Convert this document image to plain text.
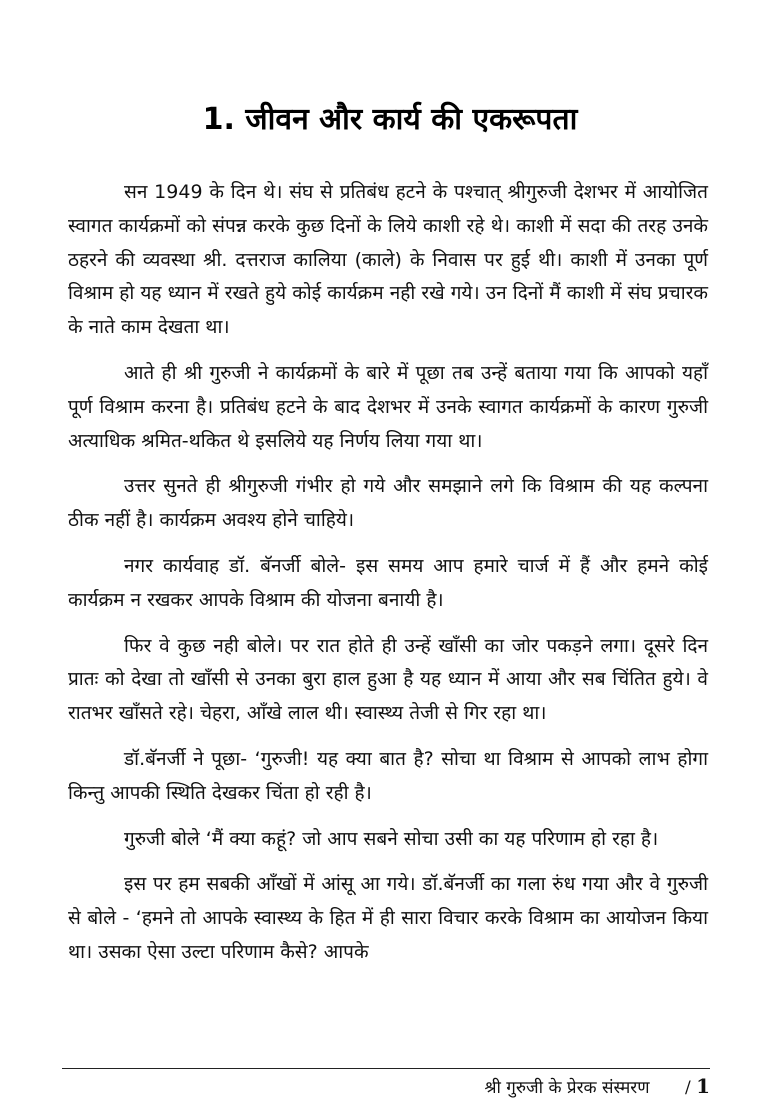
1. जीवन और कार्य की एकरूपता

सन 1949 के दिन थे। संघ से प्रतिबंध हटने के पश्चात् श्रीगुरुजी देशभर में आयोजित स्वागत कार्यक्रमों को संपन्न करके कुछ दिनों के लिये काशी रहे थे। काशी में सदा की तरह उनके ठहरने की व्यवस्था श्री. दत्तराज कालिया (काले) के निवास पर हुई थी। काशी में उनका पूर्ण विश्राम हो यह ध्यान में रखते हुये कोई कार्यक्रम नही रखे गये। उन दिनों मैं काशी में संघ प्रचारक के नाते काम देखता था।

आते ही श्री गुरुजी ने कार्यक्रमों के बारे में पूछा तब उन्हें बताया गया कि आपको यहाँ पूर्ण विश्राम करना है। प्रतिबंध हटने के बाद देशभर में उनके स्वागत कार्यक्रमों के कारण गुरुजी अत्याधिक श्रमित-थकित थे इसलिये यह निर्णय लिया गया था।

उत्तर सुनते ही श्रीगुरुजी गंभीर हो गये और समझाने लगे कि विश्राम की यह कल्पना ठीक नहीं है। कार्यक्रम अवश्य होने चाहिये।

नगर कार्यवाह डॉ. बॅनर्जी बोले- इस समय आप हमारे चार्ज में हैं और हमने कोई कार्यक्रम न रखकर आपके विश्राम की योजना बनायी है।

फिर वे कुछ नही बोले। पर रात होते ही उन्हें खाँसी का जोर पकड़ने लगा। दूसरे दिन प्रातः को देखा तो खाँसी से उनका बुरा हाल हुआ है यह ध्यान में आया और सब चिंतित हुये। वे रातभर खाँसते रहे। चेहरा, आँखे लाल थी। स्वास्थ्य तेजी से गिर रहा था।

डॉ.बॅनर्जी ने पूछा- ‘गुरुजी! यह क्या बात है? सोचा था विश्राम से आपको लाभ होगा किन्तु आपकी स्थिति देखकर चिंता हो रही है।

गुरुजी बोले ‘मैं क्या कहूं? जो आप सबने सोचा उसी का यह परिणाम हो रहा है।

इस पर हम सबकी आँखों में आंसू आ गये। डॉ.बॅनर्जी का गला रुंध गया और वे गुरुजी से बोले - ‘हमने तो आपके स्वास्थ्य के हित में ही सारा विचार करके विश्राम का आयोजन किया था। उसका ऐसा उल्टा परिणाम कैसे? आपके

श्री गुरुजी के प्रेरक संस्मरण / 1
